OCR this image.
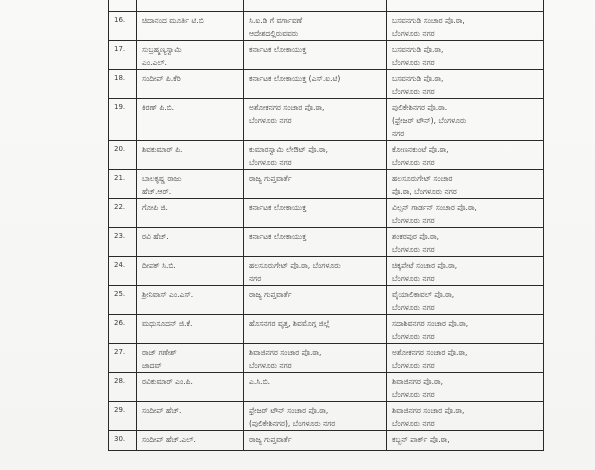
16.	ಚಿದಾನಂದ ಮೂರ್ತಿ ಟಿ.ಬಿ	ಸಿ.ಐ.ಡಿ ಗೆ ವರ್ಗಾವಣೆ
ಆದೇಶದಲ್ಲಿರುವವರು	ಬಸವನಗುಡಿ ಸಂಚಾರ ಪೊ.ಠಾ,
ಬೆಂಗಳೂರು ನಗರ
17.	ಸುಬ್ರಹ್ಮಣ್ಯಸ್ವಾಮಿ
ಎಂ.ಎಲ್.	ಕರ್ನಾಟಕ ಲೋಕಾಯುಕ್ತ	ಬಸವನಗುಡಿ ಪೊ.ಠಾ,
ಬೆಂಗಳೂರು ನಗರ
18.	ಸಂದೀಪ್ ಪಿ.ಕೆರಿ	ಕರ್ನಾಟಕ ಲೋಕಾಯುಕ್ತ (ಎಸ್.ಐ.ಟಿ)	ಬಸವನಗುಡಿ ಪೊ.ಠಾ,
ಬೆಂಗಳೂರು ನಗರ
19.	ಕಿರಣ್ ಪಿ.ಬಿ.	ಅಶೋಕನಗರ ಸಂಚಾರ ಪೊ.ಠಾ,
ಬೆಂಗಳೂರು ನಗರ	ಪುಲಿಕೇಶಿನಗರ ಪೊ.ಠಾ.
(ಫ್ರೇಜರ್ ಟೌನ್), ಬೆಂಗಳೂರು
ನಗರ
20.	ಶಿವಕುಮಾರ್ ಪಿ.	ಕುಮಾರಸ್ವಾಮಿ ಲೇಔಟ್ ಪೊ.ಠಾ,
ಬೆಂಗಳೂರು ನಗರ	ಕೋಣನಕುಂಟೆ ಪೊ.ಠಾ,
ಬೆಂಗಳೂರು ನಗರ
21.	ಬಾಲಕೃಷ್ಣ ರಾಜು
ಹೆಚ್.ಆರ್.	ರಾಜ್ಯ ಗುಪ್ತವಾರ್ತೆ	ಹಲಸೂರುಗೇಟ್ ಸಂಚಾರ
ಪೊ.ಠಾ, ಬೆಂಗಳೂರು ನಗರ
22.	ಗೋಪಿ ಜಿ.	ಕರ್ನಾಟಕ ಲೋಕಾಯುಕ್ತ	ವಿಲ್ಸನ್ ಗಾರ್ಡನ್ ಸಂಚಾರ ಪೊ.ಠಾ,
ಬೆಂಗಳೂರು ನಗರ
23.	ರವಿ ಹೆಚ್.	ಕರ್ನಾಟಕ ಲೋಕಾಯುಕ್ತ	ಶಂಕರಪುರ ಪೊ.ಠಾ,
ಬೆಂಗಳೂರು ನಗರ
24.	ದೀಪಕ್ ಸಿ.ಬಿ.	ಹಲಸೂರುಗೇಟ್ ಪೊ.ಠಾ, ಬೆಂಗಳೂರು
ನಗರ	ಚಿಕ್ಕಪೇಟೆ ಸಂಚಾರ ಪೊ.ಠಾ,
ಬೆಂಗಳೂರು ನಗರ
25.	ಶ್ರೀನಿವಾಸ್ ಎಂ.ಎಸ್.	ರಾಜ್ಯ ಗುಪ್ತವಾರ್ತೆ	ವೈಯಾಲಿಕಾವಲ್ ಪೊ.ಠಾ,
ಬೆಂಗಳೂರು ನಗರ
26.	ಮಧುಸೂದನ್ ಜಿ.ಕೆ.	ಹೊಸನಗರ ವೃತ್ತ, ಶಿವಮೊಗ್ಗ ಜಿಲ್ಲೆ	ಸದಾಶಿವನಗರ ಸಂಚಾರ ಪೊ.ಠಾ,
ಬೆಂಗಳೂರು ನಗರ
27.	ರಾಜ್ ಗಣೇಶ್
ಜಾದವ್	ಶಿವಾಜಿನಗರ ಸಂಚಾರ ಪೊ.ಠಾ,
ಬೆಂಗಳೂರು ನಗರ	ಅಶೋಕನಗರ ಸಂಚಾರ ಪೊ.ಠಾ,
ಬೆಂಗಳೂರು ನಗರ
28.	ರವಿಕುಮಾರ್ ಎಂ.ಪಿ.	ಎ.ಸಿ.ಬಿ.	ಶಿವಾಜಿನಗರ ಪೊ.ಠಾ,
ಬೆಂಗಳೂರು ನಗರ
29.	ಸಂದೀಪ್ ಹೆಚ್.	ಫ್ರೇಜರ್ ಟೌನ್ ಸಂಚಾರ ಪೊ.ಠಾ,
(ಪುಲಿಕೇಶಿನಗರ), ಬೆಂಗಳೂರು ನಗರ	ಶಿವಾಜಿನಗರ ಸಂಚಾರ ಪೊ.ಠಾ,
ಬೆಂಗಳೂರು ನಗರ
30.	ಸಂದೀಪ್ ಹೆಚ್.ಎಲ್.	ರಾಜ್ಯ ಗುಪ್ತವಾರ್ತೆ	ಕಬ್ಬನ್ ಪಾರ್ಕ್ ಪೊ.ಠಾ,
